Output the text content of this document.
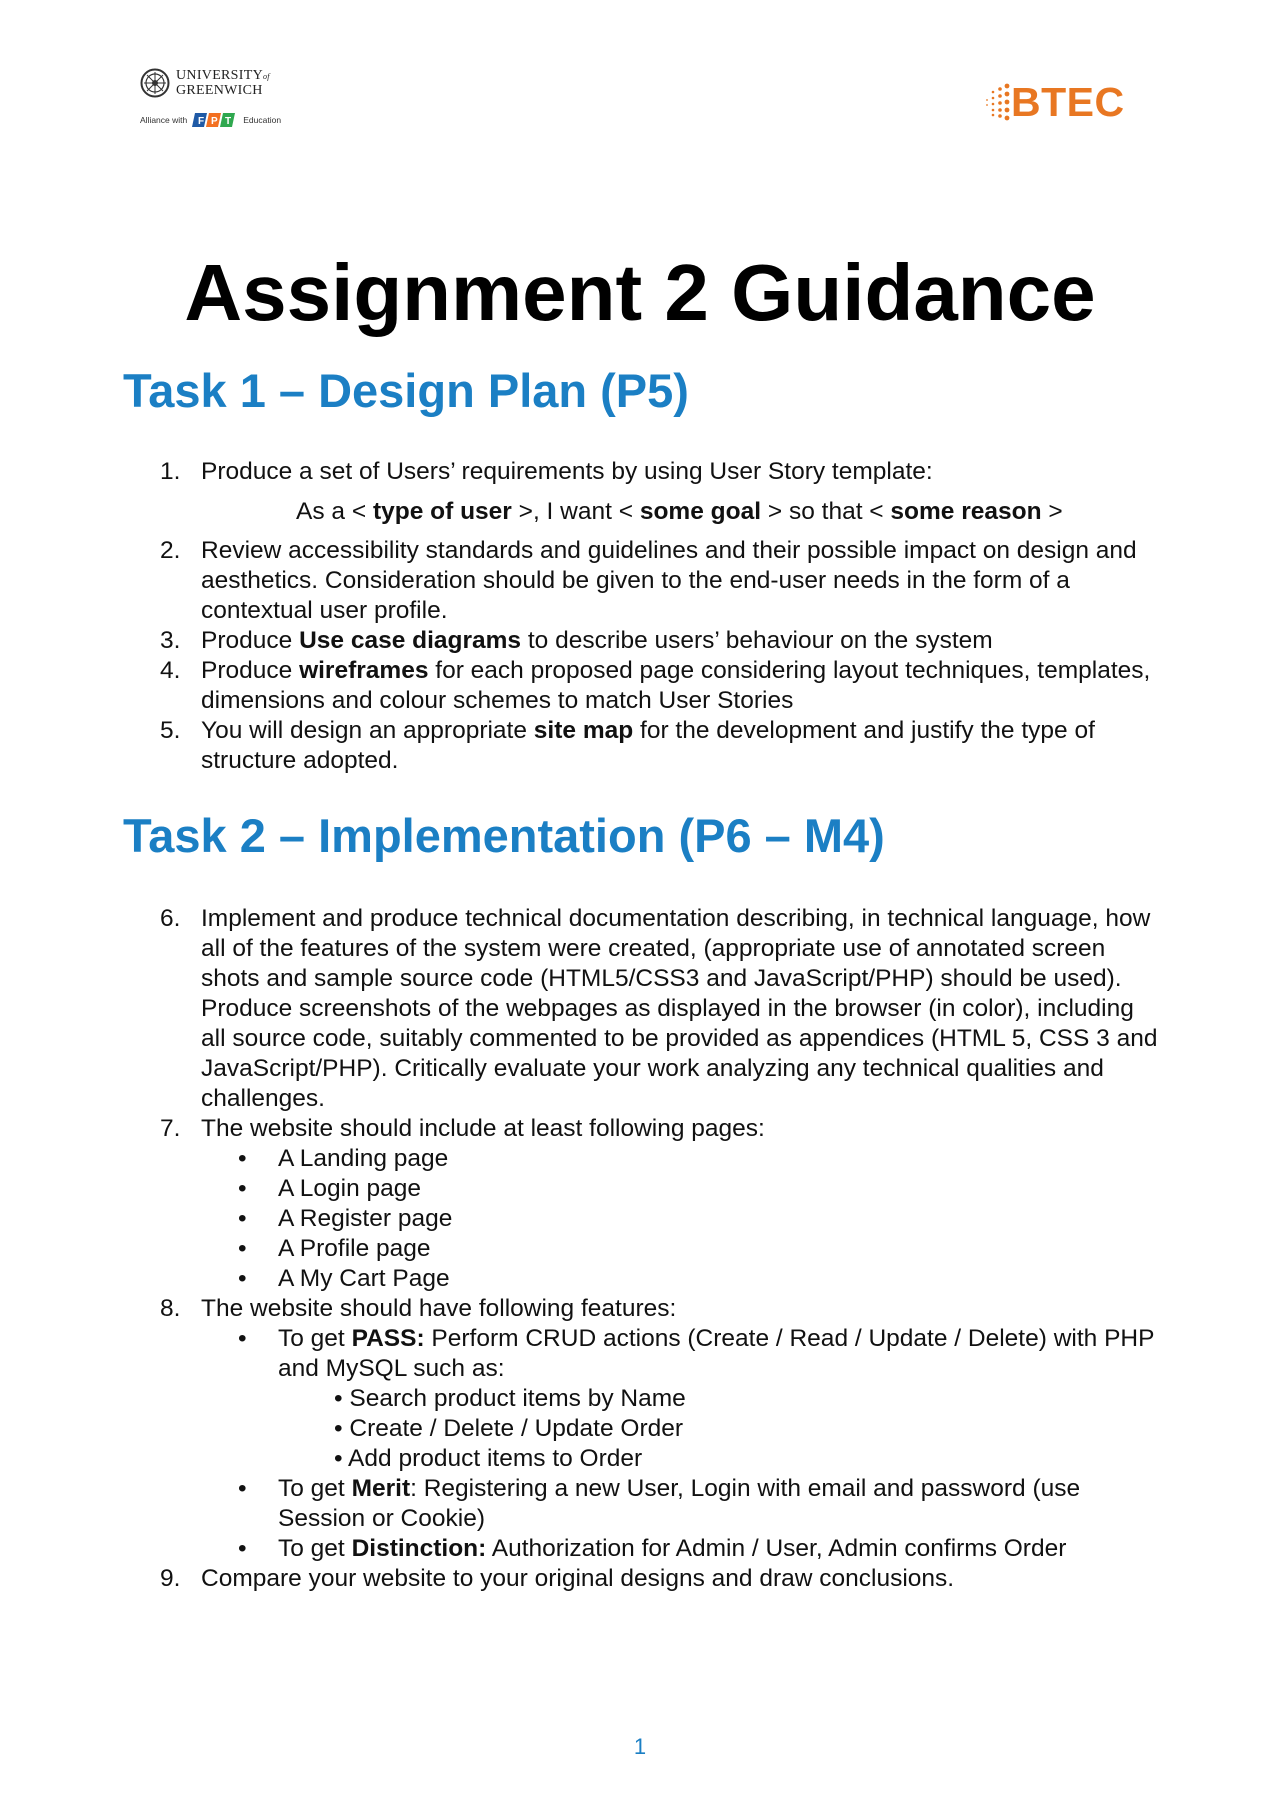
UNIVERSITYof
GREENWICH
Alliance with F P T Education	BTEC
Assignment 2 Guidance
Task 1 – Design Plan (P5)
1. Produce a set of Users’ requirements by using User Story template:
As a < type of user >, I want < some goal > so that < some reason >
2. Review accessibility standards and guidelines and their possible impact on design and aesthetics. Consideration should be given to the end-user needs in the form of a contextual user profile.
3. Produce Use case diagrams to describe users’ behaviour on the system
4. Produce wireframes for each proposed page considering layout techniques, templates, dimensions and colour schemes to match User Stories
5. You will design an appropriate site map for the development and justify the type of structure adopted.
Task 2 – Implementation (P6 – M4)
6. Implement and produce technical documentation describing, in technical language, how all of the features of the system were created, (appropriate use of annotated screen shots and sample source code (HTML5/CSS3 and JavaScript/PHP) should be used). Produce screenshots of the webpages as displayed in the browser (in color), including all source code, suitably commented to be provided as appendices (HTML 5, CSS 3 and JavaScript/PHP). Critically evaluate your work analyzing any technical qualities and challenges.
7. The website should include at least following pages:
• A Landing page
• A Login page
• A Register page
• A Profile page
• A My Cart Page
8. The website should have following features:
• To get PASS: Perform CRUD actions (Create / Read / Update / Delete) with PHP and MySQL such as:
• Search product items by Name
• Create / Delete / Update Order
• Add product items to Order
• To get Merit: Registering a new User, Login with email and password (use Session or Cookie)
• To get Distinction: Authorization for Admin / User, Admin confirms Order
9. Compare your website to your original designs and draw conclusions.
1
